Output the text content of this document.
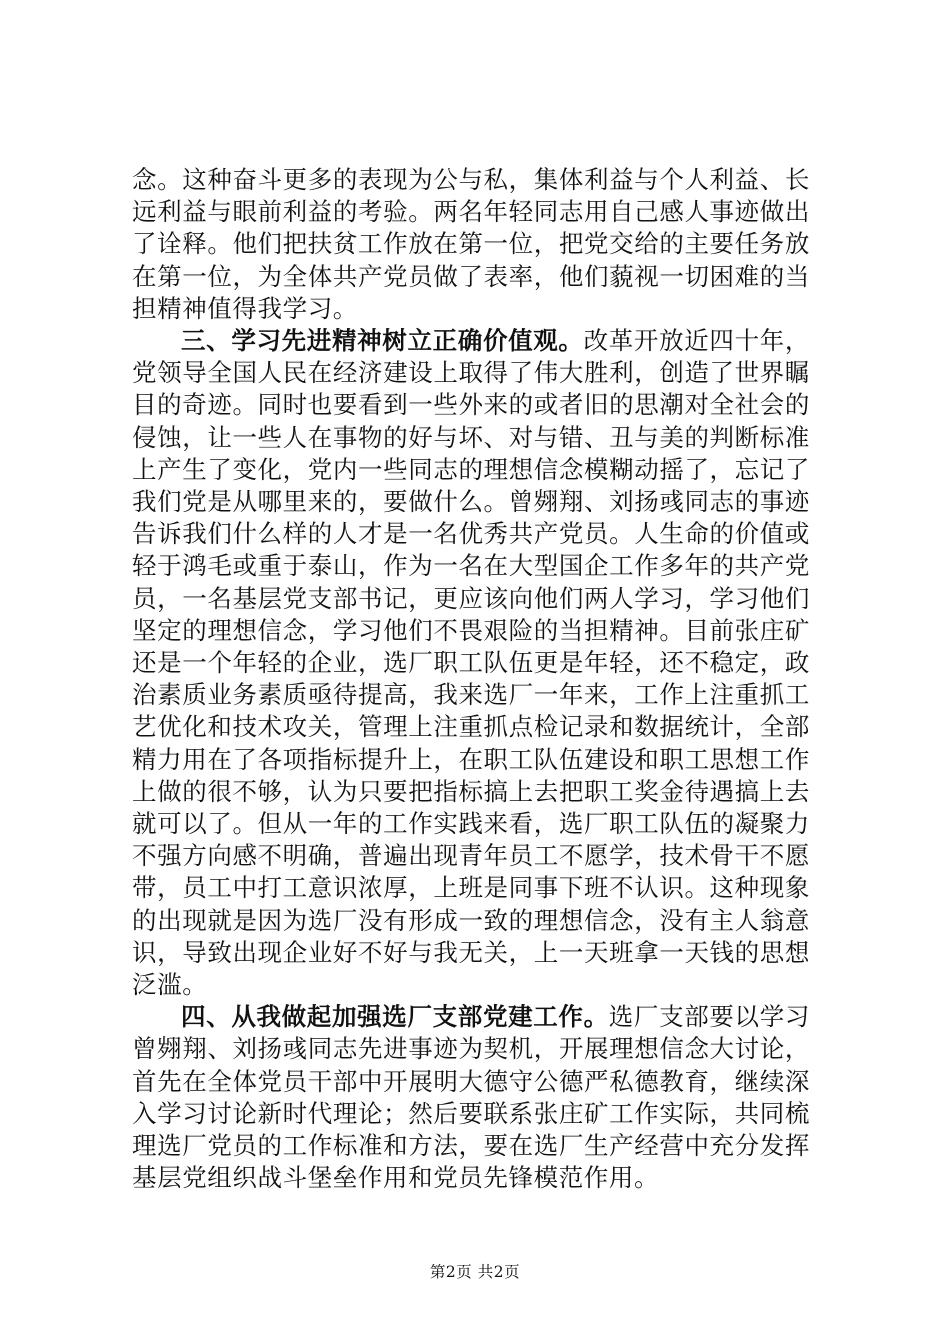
念。这种奋斗更多的表现为公与私，集体利益与个人利益、长远利益与眼前利益的考验。两名年轻同志用自己感人事迹做出了诠释。他们把扶贫工作放在第一位，把党交给的主要任务放在第一位，为全体共产党员做了表率，他们藐视一切困难的当担精神值得我学习。

三、学习先进精神树立正确价值观。改革开放近四十年，党领导全国人民在经济建设上取得了伟大胜利，创造了世界瞩目的奇迹。同时也要看到一些外来的或者旧的思潮对全社会的侵蚀，让一些人在事物的好与坏、对与错、丑与美的判断标准上产生了变化，党内一些同志的理想信念模糊动摇了，忘记了我们党是从哪里来的，要做什么。曾翙翔、刘扬彧同志的事迹告诉我们什么样的人才是一名优秀共产党员。人生命的价值或轻于鸿毛或重于泰山，作为一名在大型国企工作多年的共产党员，一名基层党支部书记，更应该向他们两人学习，学习他们坚定的理想信念，学习他们不畏艰险的当担精神。目前张庄矿还是一个年轻的企业，选厂职工队伍更是年轻，还不稳定，政治素质业务素质亟待提高，我来选厂一年来，工作上注重抓工艺优化和技术攻关，管理上注重抓点检记录和数据统计，全部精力用在了各项指标提升上，在职工队伍建设和职工思想工作上做的很不够，认为只要把指标搞上去把职工奖金待遇搞上去就可以了。但从一年的工作实践来看，选厂职工队伍的凝聚力不强方向感不明确，普遍出现青年员工不愿学，技术骨干不愿带，员工中打工意识浓厚，上班是同事下班不认识。这种现象的出现就是因为选厂没有形成一致的理想信念，没有主人翁意识，导致出现企业好不好与我无关，上一天班拿一天钱的思想泛滥。

四、从我做起加强选厂支部党建工作。选厂支部要以学习曾翙翔、刘扬彧同志先进事迹为契机，开展理想信念大讨论，首先在全体党员干部中开展明大德守公德严私德教育，继续深入学习讨论新时代理论；然后要联系张庄矿工作实际，共同梳理选厂党员的工作标准和方法，要在选厂生产经营中充分发挥基层党组织战斗堡垒作用和党员先锋模范作用。

第2页 共2页
